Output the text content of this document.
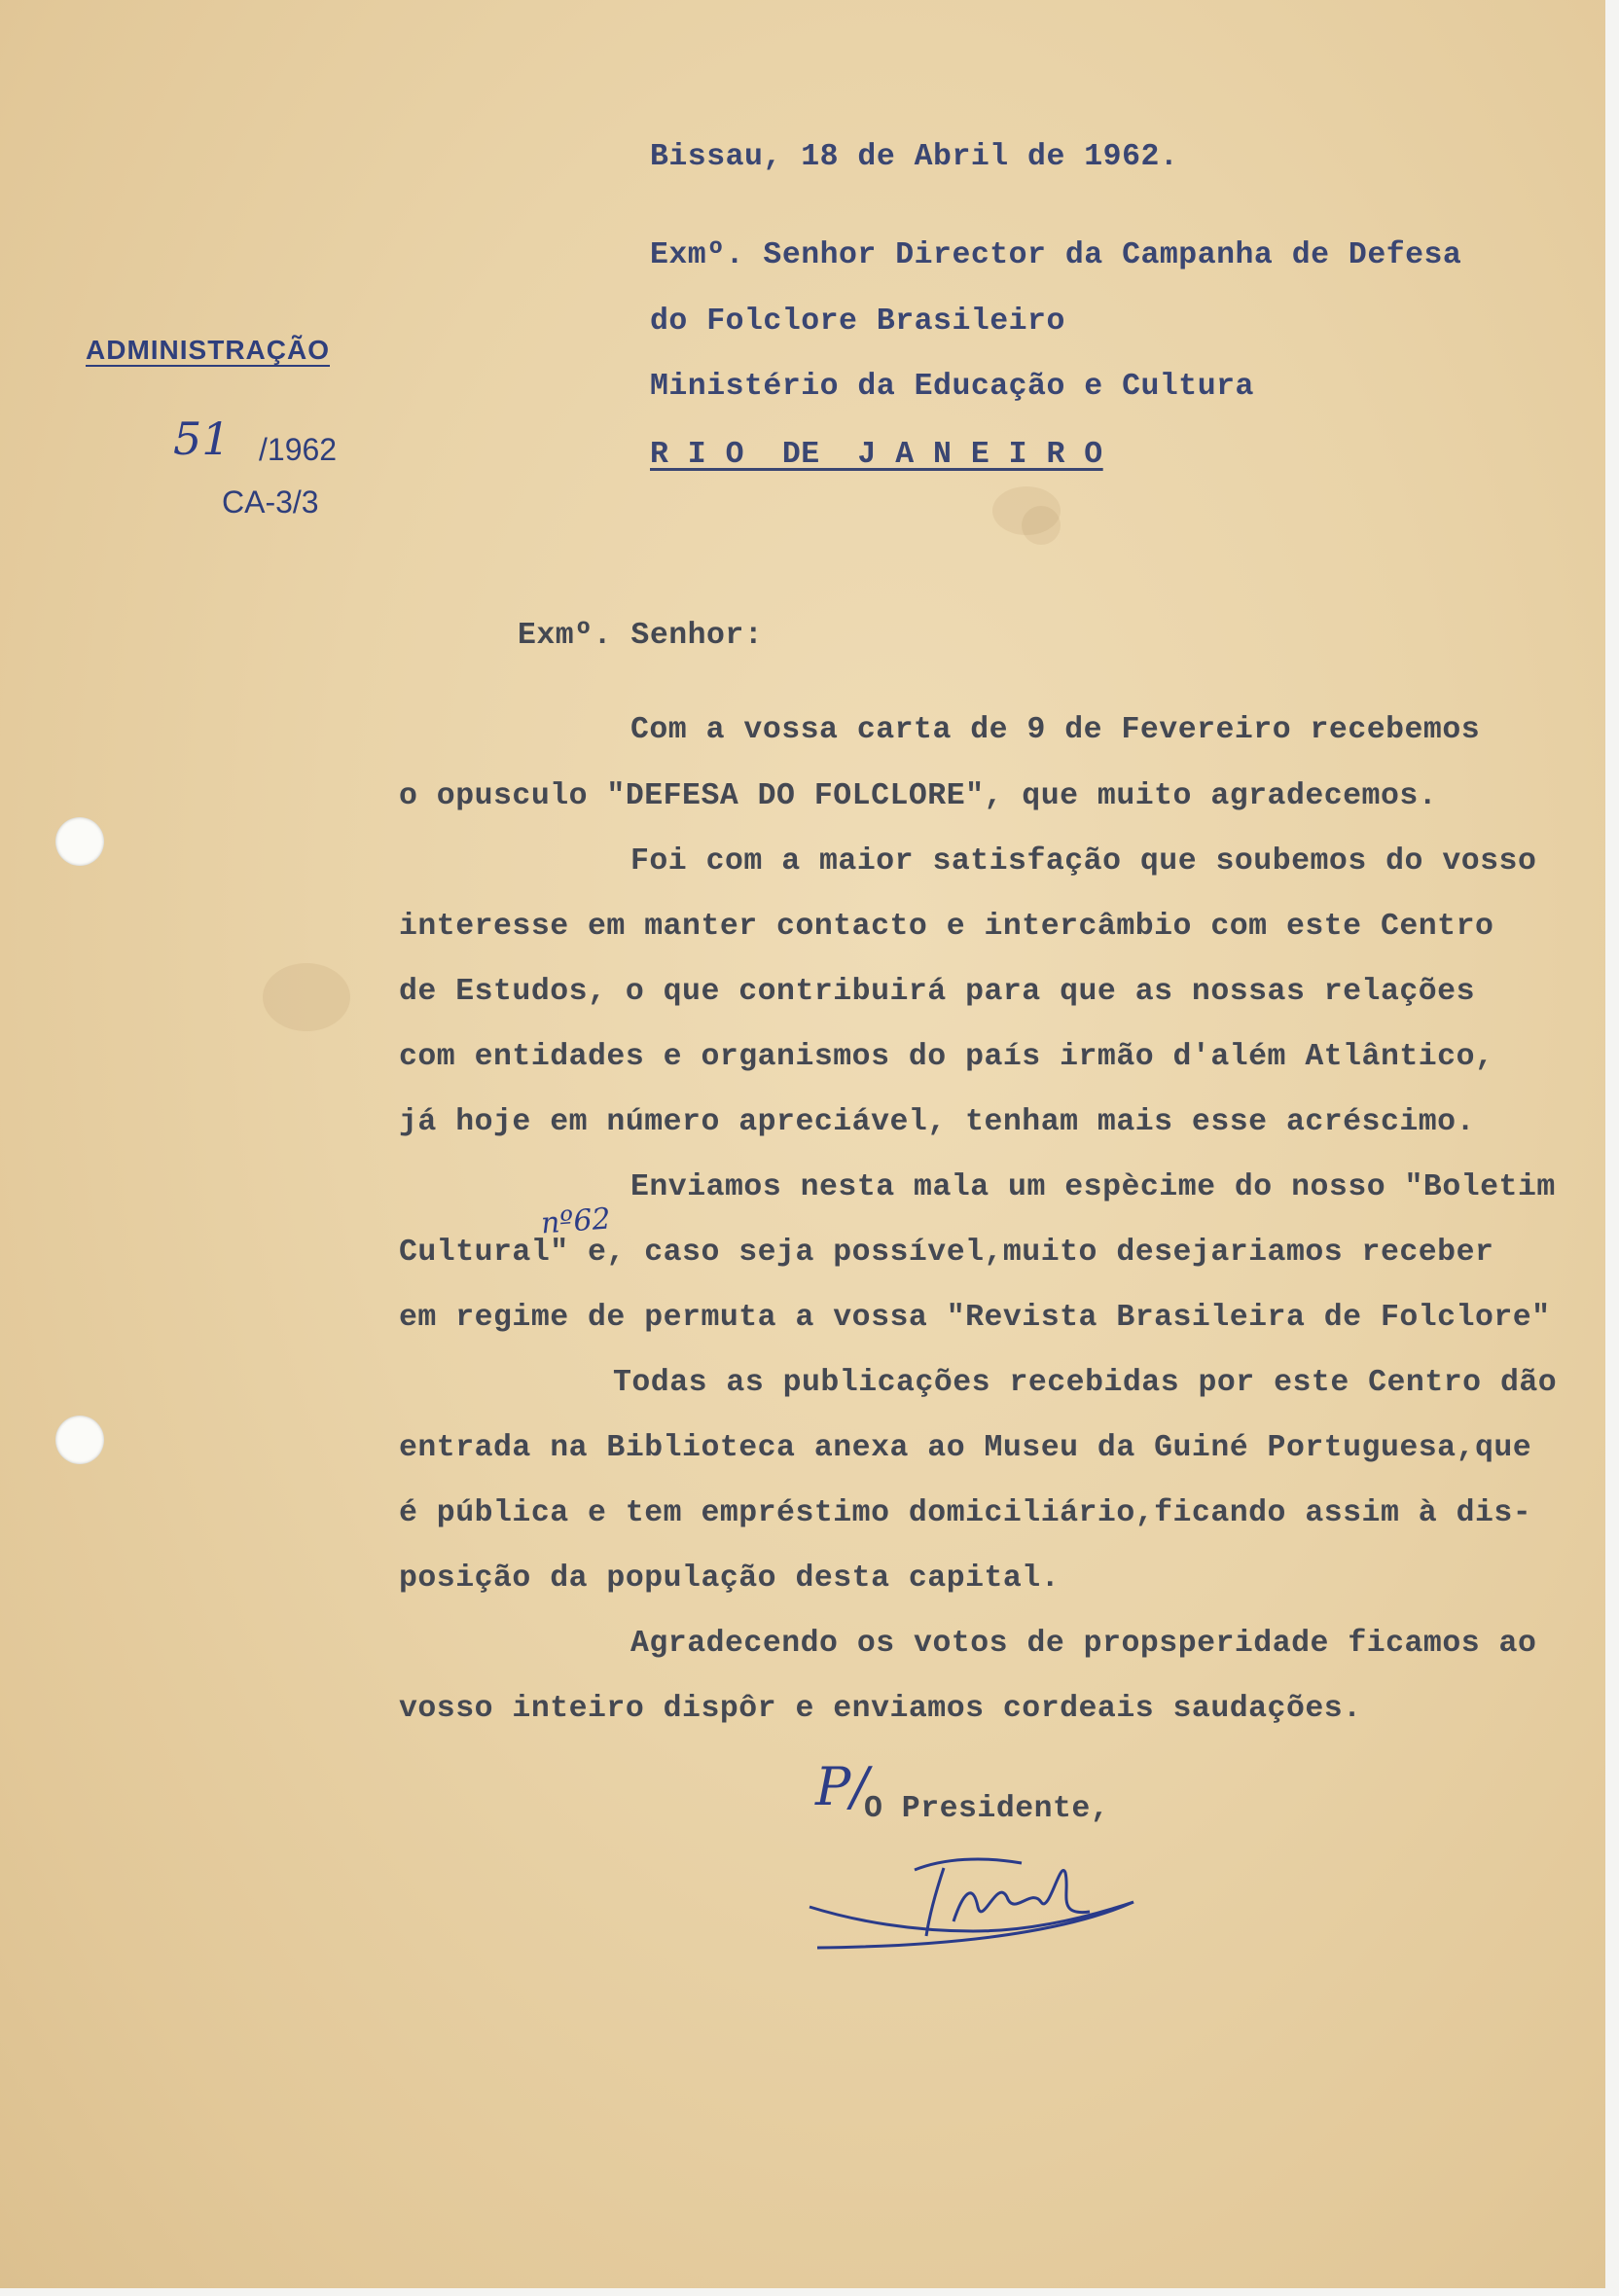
ADMINISTRAÇÃO
51 /1962
CA-3/3
Bissau, 18 de Abril de 1962.
Exmº. Senhor Director da Campanha de Defesa
do Folclore Brasileiro
Ministério da Educação e Cultura
R I O  DE  J A N E I R O
Exmº. Senhor:
Com a vossa carta de 9 de Fevereiro recebemos
o opusculo "DEFESA DO FOLCLORE", que muito agradecemos.
Foi com a maior satisfação que soubemos do vosso
interesse em manter contacto e intercâmbio com este Centro
de Estudos, o que contribuirá para que as nossas relações
com entidades e organismos do país irmão d'além Atlântico,
já hoje em número apreciável, tenham mais esse acréscimo.
Enviamos nesta mala um espècime do nosso "Boletim
Cultural" e, caso seja possível,muito desejariamos receber
em regime de permuta a vossa "Revista Brasileira de Folclore"
Todas as publicações recebidas por este Centro dão
entrada na Biblioteca anexa ao Museu da Guiné Portuguesa,que
é pública e tem empréstimo domiciliário,ficando assim à dis-
posição da população desta capital.
Agradecendo os votos de propsperidade ficamos ao
vosso inteiro dispôr e enviamos cordeais saudações.
nº62
P/
O Presidente,
